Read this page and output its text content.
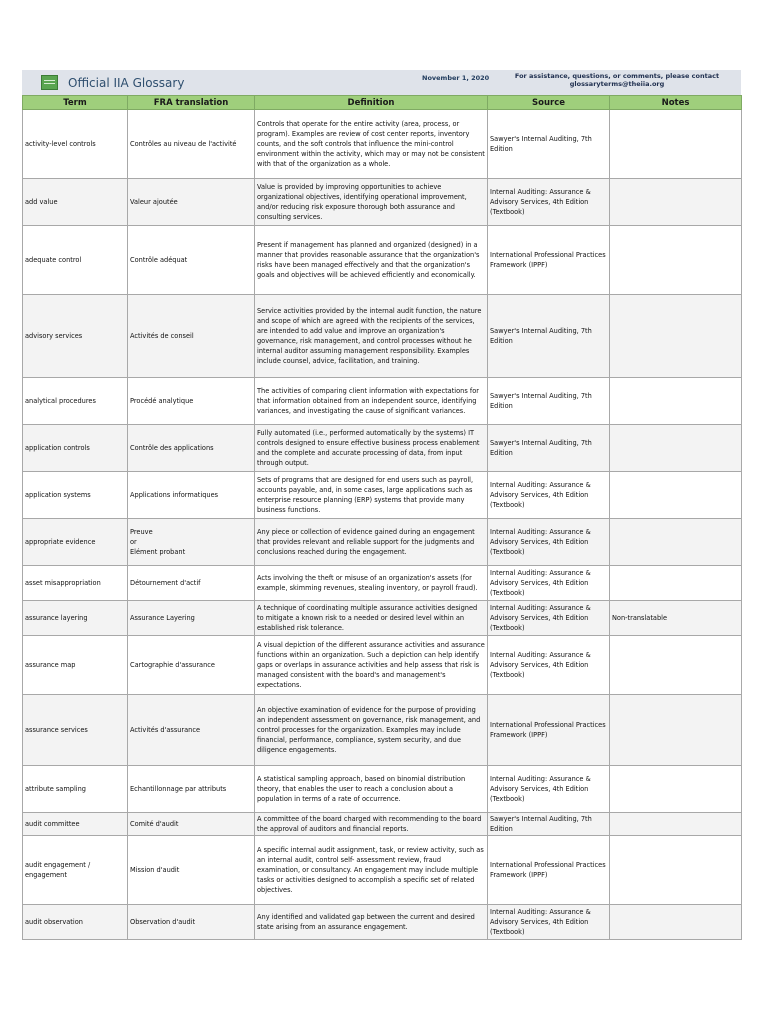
Official IIA Glossary	November 1, 2020	For assistance, questions, or comments, please contact
glossaryterms@theiia.org
Term	FRA translation	Definition	Source	Notes
activity-level controls	Contrôles au niveau de l'activité	Controls that operate for the entire activity (area, process, or program). Examples are review of cost center reports, inventory counts, and the soft controls that influence the mini-control environment within the activity, which may or may not be consistent with that of the organization as a whole.	Sawyer's Internal Auditing, 7th Edition	
add value	Valeur ajoutée	Value is provided by improving opportunities to achieve organizational objectives, identifying operational improvement, and/or reducing risk exposure thorough both assurance and consulting services.	Internal Auditing: Assurance & Advisory Services, 4th Edition (Textbook)	
adequate control	Contrôle adéquat	Present if management has planned and organized (designed) in a manner that provides reasonable assurance that the organization's risks have been managed effectively and that the organization's goals and objectives will be achieved efficiently and economically.	International Professional Practices Framework (IPPF)	
advisory services	Activités de conseil	Service activities provided by the internal audit function, the nature and scope of which are agreed with the recipients of the services, are intended to add value and improve an organization's governance, risk management, and control processes without he internal auditor assuming management responsibility. Examples include counsel, advice, facilitation, and training.	Sawyer's Internal Auditing, 7th Edition	
analytical procedures	Procédé analytique	The activities of comparing client information with expectations for that information obtained from an independent source, identifying variances, and investigating the cause of significant variances.	Sawyer's Internal Auditing, 7th Edition	
application controls	Contrôle des applications	Fully automated (i.e., performed automatically by the systems) IT controls designed to ensure effective business process enablement and the complete and accurate processing of data, from input through output.	Sawyer's Internal Auditing, 7th Edition	
application systems	Applications informatiques	Sets of programs that are designed for end users such as payroll, accounts payable, and, in some cases, large applications such as enterprise resource planning (ERP) systems that provide many business functions.	Internal Auditing: Assurance & Advisory Services, 4th Edition (Textbook)	
appropriate evidence	Preuve
or
Elément probant	Any piece or collection of evidence gained during an engagement that provides relevant and reliable support for the judgments and conclusions reached during the engagement.	Internal Auditing: Assurance & Advisory Services, 4th Edition (Textbook)	
asset misappropriation	Détournement d'actif	Acts involving the theft or misuse of an organization's assets (for example, skimming revenues, stealing inventory, or payroll fraud).	Internal Auditing: Assurance & Advisory Services, 4th Edition (Textbook)	
assurance layering	Assurance Layering	A technique of coordinating multiple assurance activities designed to mitigate a known risk to a needed or desired level within an established risk tolerance.	Internal Auditing: Assurance & Advisory Services, 4th Edition (Textbook)	Non-translatable
assurance map	Cartographie d'assurance	A visual depiction of the different assurance activities and assurance functions within an organization. Such a depiction can help identify gaps or overlaps in assurance activities and help assess that risk is managed consistent with the board's and management's expectations.	Internal Auditing: Assurance & Advisory Services, 4th Edition (Textbook)	
assurance services	Activités d'assurance	An objective examination of evidence for the purpose of providing an independent assessment on governance, risk management, and control processes for the organization. Examples may include financial, performance, compliance, system security, and due diligence engagements.	International Professional Practices Framework (IPPF)	
attribute sampling	Echantillonnage par attributs	A statistical sampling approach, based on binomial distribution theory, that enables the user to reach a conclusion about a population in terms of a rate of occurrence.	Internal Auditing: Assurance & Advisory Services, 4th Edition (Textbook)	
audit committee	Comité d'audit	A committee of the board charged with recommending to the board the approval of auditors and financial reports.	Sawyer's Internal Auditing, 7th Edition	
audit engagement / engagement	Mission d'audit	A specific internal audit assignment, task, or review activity, such as an internal audit, control self- assessment review, fraud examination, or consultancy. An engagement may include multiple tasks or activities designed to accomplish a specific set of related objectives.	International Professional Practices Framework (IPPF)	
audit observation	Observation d'audit	Any identified and validated gap between the current and desired state arising from an assurance engagement.	Internal Auditing: Assurance & Advisory Services, 4th Edition (Textbook)	
